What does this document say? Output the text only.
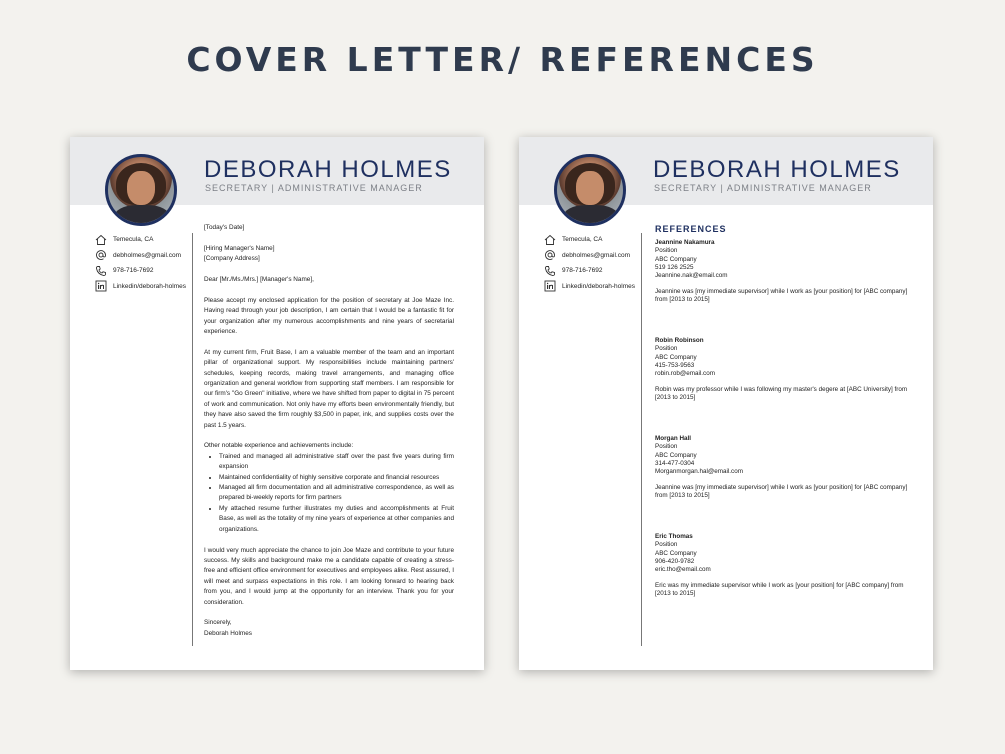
COVER LETTER/ REFERENCES
DEBORAH HOLMES
SECRETARY | ADMINISTRATIVE MANAGER
Temecula, CA
debholmes@gmail.com
978-716-7692
Linkedin/deborah-holmes

[Today's Date]

[Hiring Manager's Name]

[Company Address]

Dear [Mr./Ms./Mrs.] [Manager's Name],

Please accept my enclosed application for the position of secretary at Joe Maze Inc. Having read through your job description, I am certain that I would be a fantastic fit for your organization after my numerous accomplishments and nine years of secretarial experience.

At my current firm, Fruit Base, I am a valuable member of the team and an important pillar of organizational support. My responsibilities include maintaining partners' schedules, keeping records, making travel arrangements, and managing office organization and general workflow from supporting staff members. I am responsible for our firm's "Go Green" initiative, where we have shifted from paper to digital in 75 percent of work and communication. Not only have my efforts been environmentally friendly, but they have also saved the firm roughly $3,500 in paper, ink, and supplies costs over the past 1.5 years.

Other notable experience and achievements include:

• Trained and managed all administrative staff over the past five years during firm expansion
• Maintained confidentiality of highly sensitive corporate and financial resources
• Managed all firm documentation and all administrative correspondence, as well as prepared bi-weekly reports for firm partners
• My attached resume further illustrates my duties and accomplishments at Fruit Base, as well as the totality of my nine years of experience at other companies and organizations.

I would very much appreciate the chance to join Joe Maze and contribute to your future success. My skills and background make me a candidate capable of creating a stress-free and efficient office environment for executives and employees alike. Rest assured, I will meet and surpass expectations in this role. I am looking forward to hearing back from you, and I would jump at the opportunity for an interview. Thank you for your consideration.

Sincerely,

Deborah Holmes

DEBORAH HOLMES
SECRETARY | ADMINISTRATIVE MANAGER
Temecula, CA
debholmes@gmail.com
978-716-7692
Linkedin/deborah-holmes
REFERENCES
Jeannine Nakamura
Position
ABC Company
519 126 2525
Jeannine.nak@email.com
Jeannine was [my immediate supervisor] while I work as [your position] for [ABC company] from [2013 to 2015]
Robin Robinson
Position
ABC Company
415-753-9563
robin.rob@email.com
Robin was my professor while I was following my master's degere at [ABC University] from [2013 to 2015]
Morgan Hall
Position
ABC Company
314-477-0304
Morganmorgan.hal@email.com
Jeannine was [my immediate supervisor] while I work as [your position] for [ABC company] from [2013 to 2015]
Eric Thomas
Position
ABC Company
906-420-9782
eric.tho@email.com
Eric was my immediate supervisor while I work as [your position] for [ABC company] from [2013 to 2015]
